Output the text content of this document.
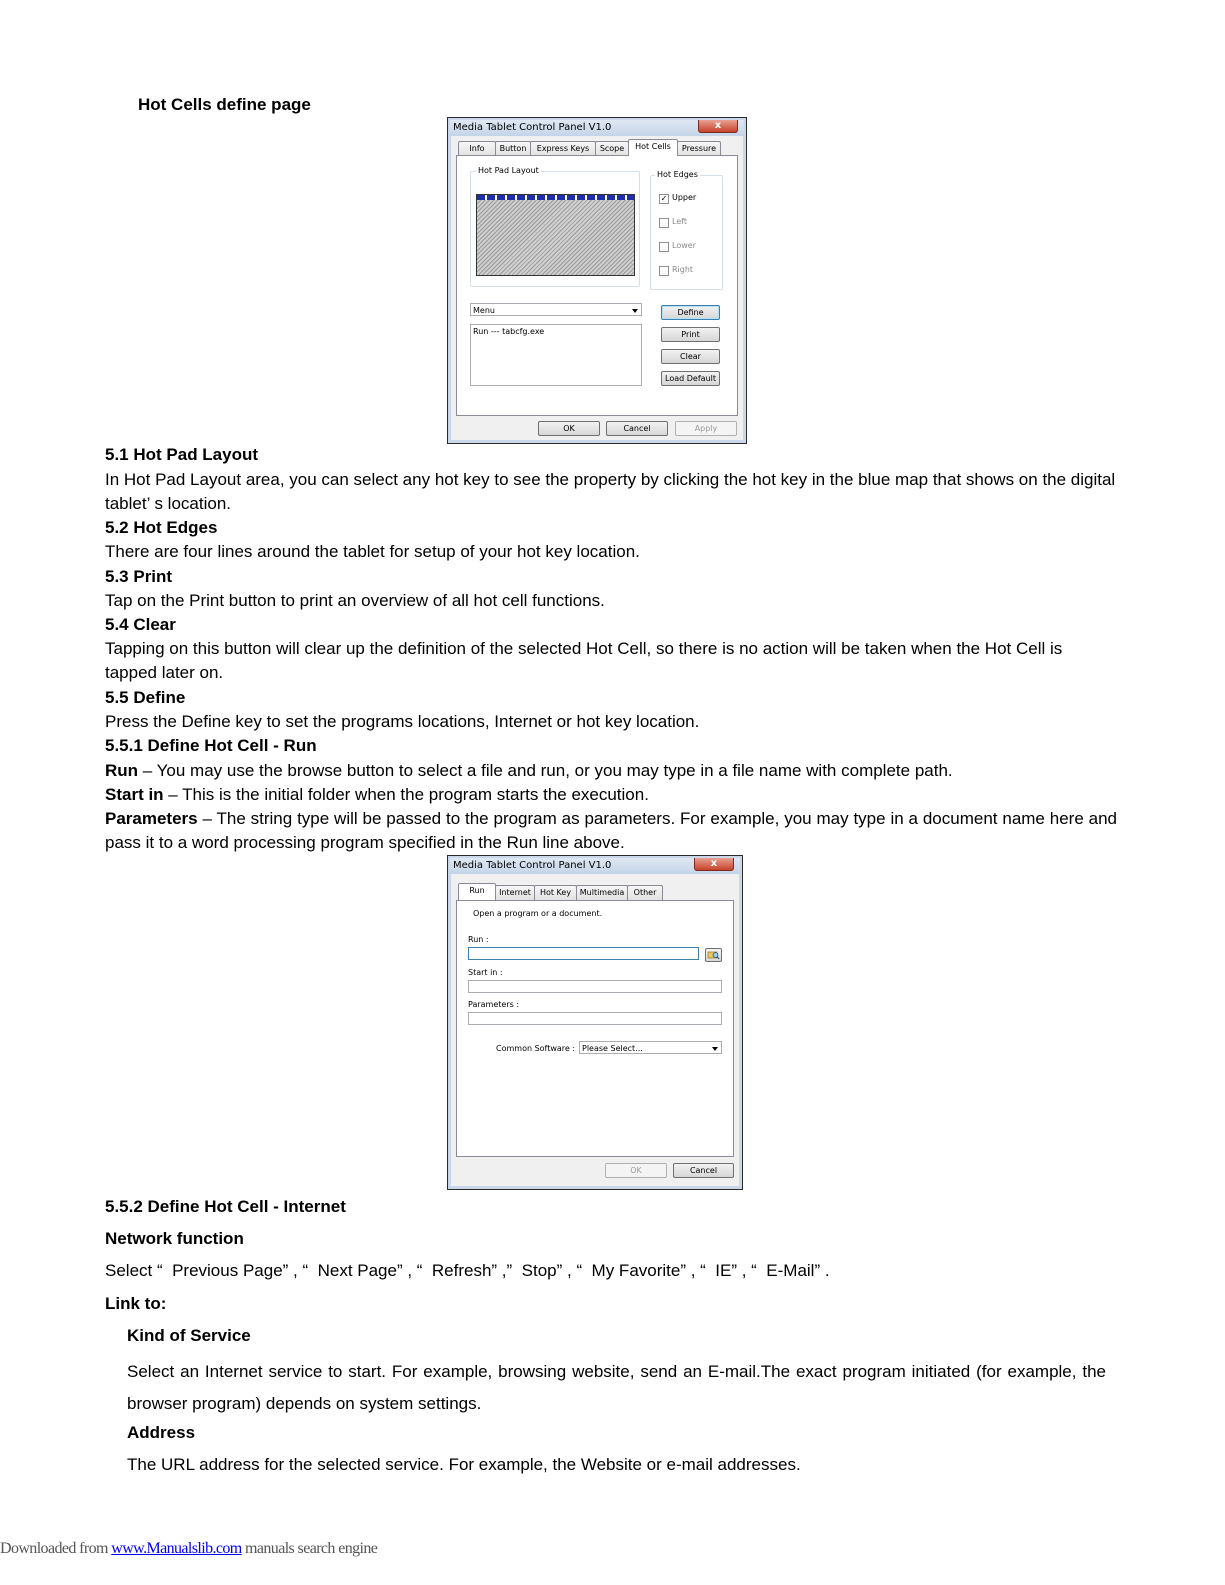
Hot Cells define page
Media Tablet Control Panel V1.0	x
Info	Button	Express Keys	Scope	Hot Cells	Pressure
Hot Pad Layout	Hot Edges
✓ Upper
Left
Lower
Right
Menu
Run --- tabcfg.exe
Define
Print
Clear
Load Default
OK	Cancel	Apply
5.1 Hot Pad Layout
In Hot Pad Layout area, you can select any hot key to see the property by clicking the hot key in the blue map that shows on the digital tablet’ s location.
5.2 Hot Edges
There are four lines around the tablet for setup of your hot key location.
5.3 Print
Tap on the Print button to print an overview of all hot cell functions.
5.4 Clear
Tapping on this button will clear up the definition of the selected Hot Cell, so there is no action will be taken when the Hot Cell is tapped later on.
5.5 Define
Press the Define key to set the programs locations, Internet or hot key location.
5.5.1 Define Hot Cell - Run
Run – You may use the browse button to select a file and run, or you may type in a file name with complete path.
Start in – This is the initial folder when the program starts the execution.
Parameters – The string type will be passed to the program as parameters. For example, you may type in a document name here and pass it to a word processing program specified in the Run line above.
Media Tablet Control Panel V1.0	x
Run	Internet	Hot Key	Multimedia	Other
Open a program or a document.
Run :
Start in :
Parameters :
Common Software : Please Select...
OK	Cancel
5.5.2 Define Hot Cell - Internet
Network function
Select “  Previous Page” , “  Next Page” , “  Refresh” ,”  Stop” , “  My Favorite” , “  IE” , “  E-Mail” .
Link to:
Kind of Service
Select an Internet service to start. For example, browsing website, send an E-mail.The exact program initiated (for example, the browser program) depends on system settings.
Address
The URL address for the selected service. For example, the Website or e-mail addresses.
Downloaded from www.Manualslib.com manuals search engine
